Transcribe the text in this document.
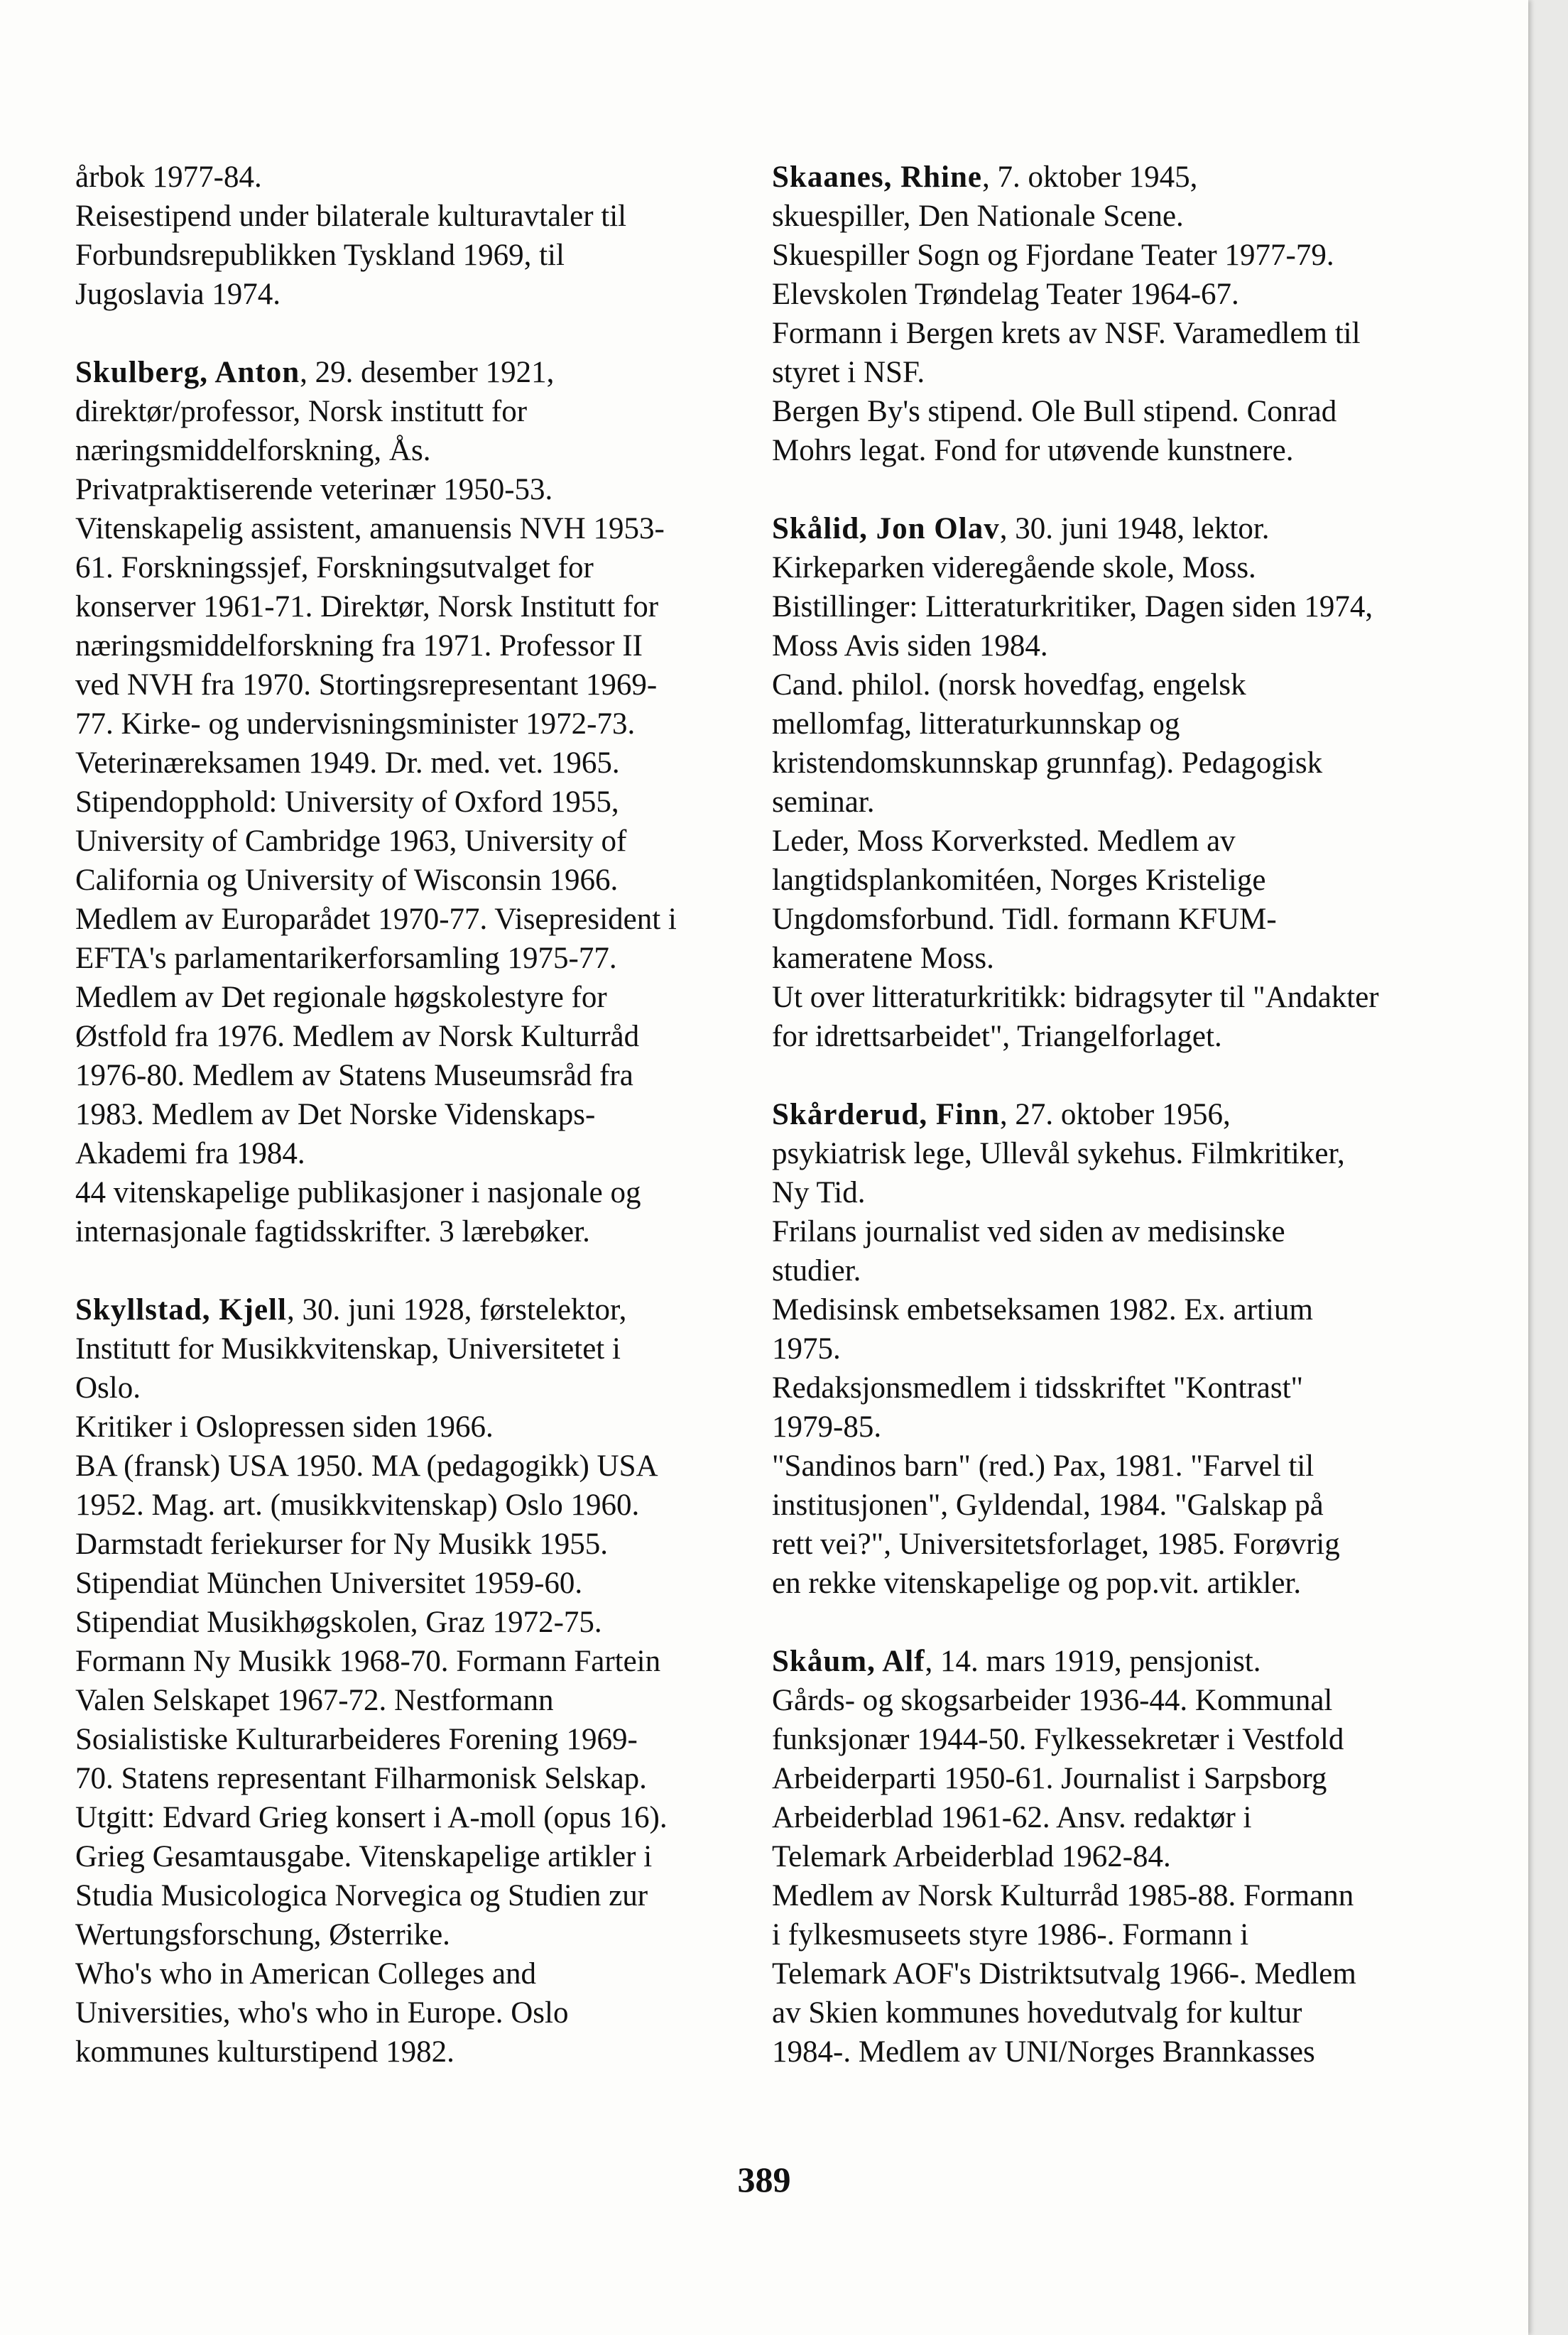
årbok 1977-84.
Reisestipend under bilaterale kulturavtaler til
Forbundsrepublikken Tyskland 1969, til
Jugoslavia 1974.
Skulberg, Anton, 29. desember 1921,
direktør/professor, Norsk institutt for
næringsmiddelforskning, Ås.
Privatpraktiserende veterinær 1950-53.
Vitenskapelig assistent, amanuensis NVH 1953-
61. Forskningssjef, Forskningsutvalget for
konserver 1961-71. Direktør, Norsk Institutt for
næringsmiddelforskning fra 1971. Professor II
ved NVH fra 1970. Stortingsrepresentant 1969-
77. Kirke- og undervisningsminister 1972-73.
Veterinæreksamen 1949. Dr. med. vet. 1965.
Stipendopphold: University of Oxford 1955,
University of Cambridge 1963, University of
California og University of Wisconsin 1966.
Medlem av Europarådet 1970-77. Visepresident i
EFTA's parlamentarikerforsamling 1975-77.
Medlem av Det regionale høgskolestyre for
Østfold fra 1976. Medlem av Norsk Kulturråd
1976-80. Medlem av Statens Museumsråd fra
1983. Medlem av Det Norske Videnskaps-
Akademi fra 1984.
44 vitenskapelige publikasjoner i nasjonale og
internasjonale fagtidsskrifter. 3 lærebøker.
Skyllstad, Kjell, 30. juni 1928, førstelektor,
Institutt for Musikkvitenskap, Universitetet i
Oslo.
Kritiker i Oslopressen siden 1966.
BA (fransk) USA 1950. MA (pedagogikk) USA
1952. Mag. art. (musikkvitenskap) Oslo 1960.
Darmstadt feriekurser for Ny Musikk 1955.
Stipendiat München Universitet 1959-60.
Stipendiat Musikhøgskolen, Graz 1972-75.
Formann Ny Musikk 1968-70. Formann Fartein
Valen Selskapet 1967-72. Nestformann
Sosialistiske Kulturarbeideres Forening 1969-
70. Statens representant Filharmonisk Selskap.
Utgitt: Edvard Grieg konsert i A-moll (opus 16).
Grieg Gesamtausgabe. Vitenskapelige artikler i
Studia Musicologica Norvegica og Studien zur
Wertungsforschung, Østerrike.
Who's who in American Colleges and
Universities, who's who in Europe. Oslo
kommunes kulturstipend 1982.
Skaanes, Rhine, 7. oktober 1945,
skuespiller, Den Nationale Scene.
Skuespiller Sogn og Fjordane Teater 1977-79.
Elevskolen Trøndelag Teater 1964-67.
Formann i Bergen krets av NSF. Varamedlem til
styret i NSF.
Bergen By's stipend. Ole Bull stipend. Conrad
Mohrs legat. Fond for utøvende kunstnere.
Skålid, Jon Olav, 30. juni 1948, lektor.
Kirkeparken videregående skole, Moss.
Bistillinger: Litteraturkritiker, Dagen siden 1974,
Moss Avis siden 1984.
Cand. philol. (norsk hovedfag, engelsk
mellomfag, litteraturkunnskap og
kristendomskunnskap grunnfag). Pedagogisk
seminar.
Leder, Moss Korverksted. Medlem av
langtidsplankomitéen, Norges Kristelige
Ungdomsforbund. Tidl. formann KFUM-
kameratene Moss.
Ut over litteraturkritikk: bidragsyter til "Andakter
for idrettsarbeidet", Triangelforlaget.
Skårderud, Finn, 27. oktober 1956,
psykiatrisk lege, Ullevål sykehus. Filmkritiker,
Ny Tid.
Frilans journalist ved siden av medisinske
studier.
Medisinsk embetseksamen 1982. Ex. artium
1975.
Redaksjonsmedlem i tidsskriftet "Kontrast"
1979-85.
"Sandinos barn" (red.) Pax, 1981. "Farvel til
institusjonen", Gyldendal, 1984. "Galskap på
rett vei?", Universitetsforlaget, 1985. Forøvrig
en rekke vitenskapelige og pop.vit. artikler.
Skåum, Alf, 14. mars 1919, pensjonist.
Gårds- og skogsarbeider 1936-44. Kommunal
funksjonær 1944-50. Fylkessekretær i Vestfold
Arbeiderparti 1950-61. Journalist i Sarpsborg
Arbeiderblad 1961-62. Ansv. redaktør i
Telemark Arbeiderblad 1962-84.
Medlem av Norsk Kulturråd 1985-88. Formann
i fylkesmuseets styre 1986-. Formann i
Telemark AOF's Distriktsutvalg 1966-. Medlem
av Skien kommunes hovedutvalg for kultur
1984-. Medlem av UNI/Norges Brannkasses
389
